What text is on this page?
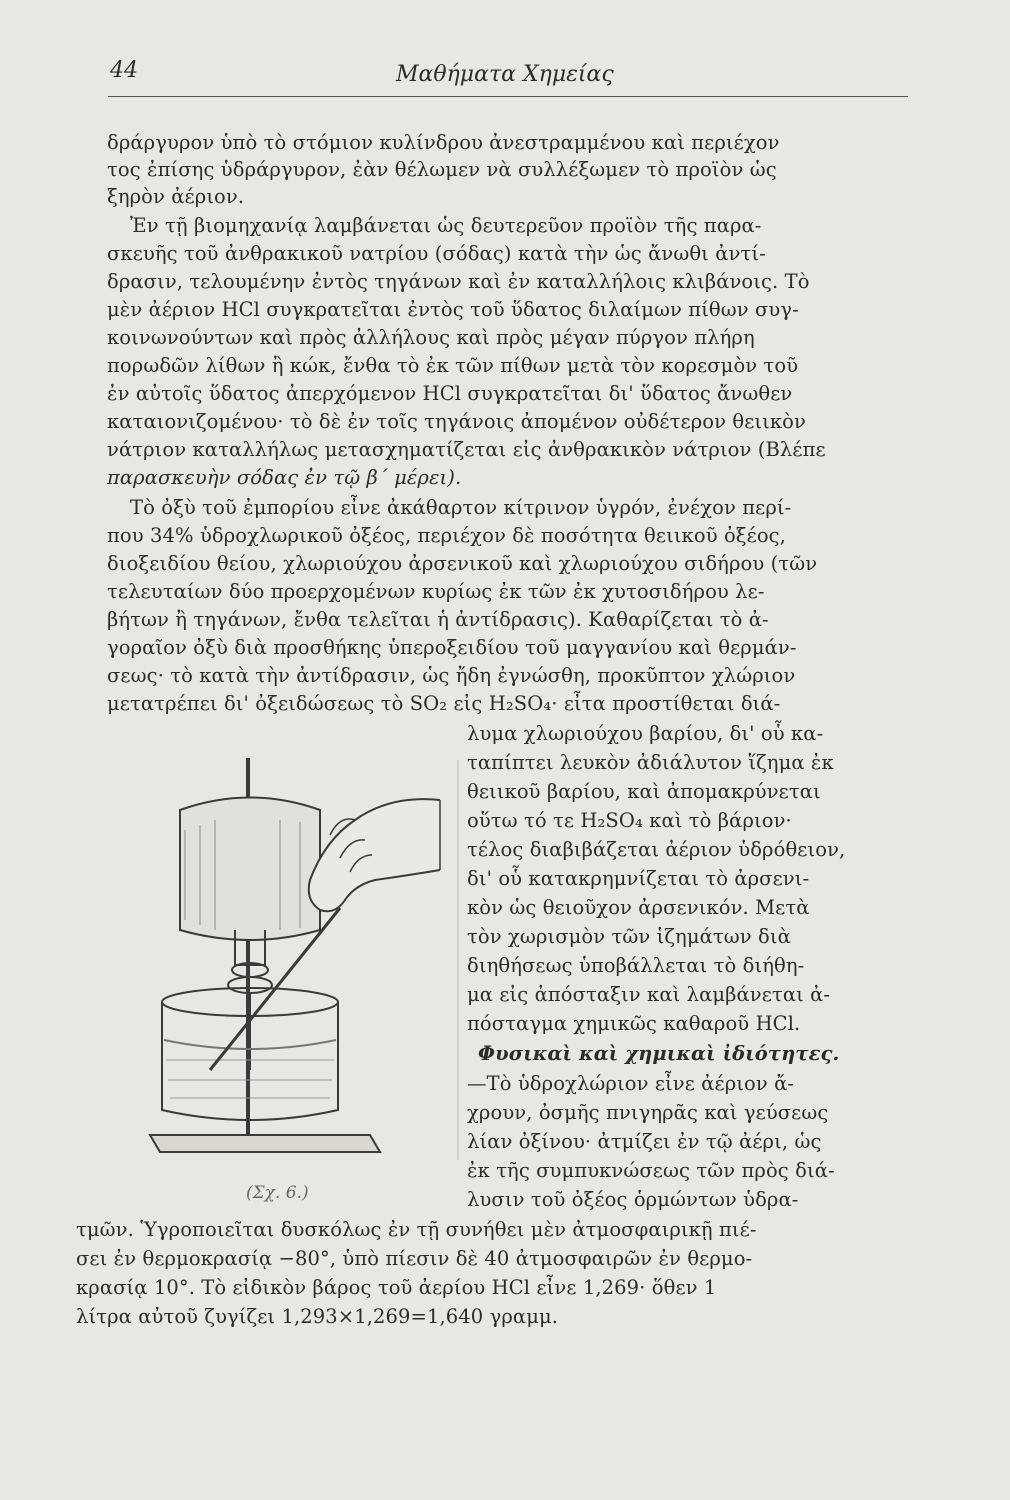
44	Μαθήματα Χημείας
δράργυρον ὑπὸ τὸ στόμιον κυλίνδρου ἀνεστραμμένου καὶ περιέχον
τος ἐπίσης ὑδράργυρον, ἐὰν θέλωμεν νὰ συλλέξωμεν τὸ προϊὸν ὡς
ξηρὸν ἀέριον.
Ἐν τῇ βιομηχανίᾳ λαμβάνεται ὡς δευτερεῦον προϊὸν τῆς παρα-
σκευῆς τοῦ ἀνθρακικοῦ νατρίου (σόδας) κατὰ τὴν ὡς ἄνωθι ἀντί-
δρασιν, τελουμένην ἐντὸς τηγάνων καὶ ἐν καταλλήλοις κλιβάνοις. Τὸ
μὲν ἀέριον HCl συγκρατεῖται ἐντὸς τοῦ ὕδατος διλαίμων πίθων συγ-
κοινωνούντων καὶ πρὸς ἀλλήλους καὶ πρὸς μέγαν πύργον πλήρη
πορωδῶν λίθων ἢ κώκ, ἔνθα τὸ ἐκ τῶν πίθων μετὰ τὸν κορεσμὸν τοῦ
ἐν αὐτοῖς ὕδατος ἀπερχόμενον HCl συγκρατεῖται δι' ὕδατος ἄνωθεν
καταιονιζομένου· τὸ δὲ ἐν τοῖς τηγάνοις ἀπομένον οὐδέτερον θειικὸν
νάτριον καταλλήλως μετασχηματίζεται εἰς ἀνθρακικὸν νάτριον (Βλέπε
παρασκευὴν σόδας ἐν τῷ β΄ μέρει).
Τὸ ὀξὺ τοῦ ἐμπορίου εἶνε ἀκάθαρτον κίτρινον ὑγρόν, ἐνέχον περί-
που 34% ὑδροχλωρικοῦ ὀξέος, περιέχον δὲ ποσότητα θειικοῦ ὀξέος,
διοξειδίου θείου, χλωριούχου ἀρσενικοῦ καὶ χλωριούχου σιδήρου (τῶν
τελευταίων δύο προερχομένων κυρίως ἐκ τῶν ἐκ χυτοσιδήρου λε-
βήτων ἢ τηγάνων, ἔνθα τελεῖται ἡ ἀντίδρασις). Καθαρίζεται τὸ ἀ-
γοραῖον ὀξὺ διὰ προσθήκης ὑπεροξειδίου τοῦ μαγγανίου καὶ θερμάν-
σεως· τὸ κατὰ τὴν ἀντίδρασιν, ὡς ἤδη ἐγνώσθη, προκῦπτον χλώριον
μετατρέπει δι' ὀξειδώσεως τὸ SO₂ εἰς H₂SO₄· εἶτα προστίθεται διά-
λυμα χλωριούχου βαρίου, δι' οὗ κα-
ταπίπτει λευκὸν ἀδιάλυτον ἵζημα ἐκ
θειικοῦ βαρίου, καὶ ἀπομακρύνεται
οὕτω τό τε H₂SO₄ καὶ τὸ βάριον·
τέλος διαβιβάζεται ἀέριον ὑδρόθειον,
δι' οὗ κατακρημνίζεται τὸ ἀρσενι-
κὸν ὡς θειοῦχον ἀρσενικόν. Μετὰ
τὸν χωρισμὸν τῶν ἱζημάτων διὰ
διηθήσεως ὑποβάλλεται τὸ διήθη-
μα εἰς ἀπόσταξιν καὶ λαμβάνεται ἀ-
πόσταγμα χημικῶς καθαροῦ HCl.
Φυσικαὶ καὶ χημικαὶ ἰδιότητες.
—Τὸ ὑδροχλώριον εἶνε ἀέριον ἄ-
χρουν, ὀσμῆς πνιγηρᾶς καὶ γεύσεως
λίαν ὀξίνου· ἀτμίζει ἐν τῷ ἀέρι, ὡς
ἐκ τῆς συμπυκνώσεως τῶν πρὸς διά-
λυσιν τοῦ ὀξέος ὁρμώντων ὑδρα-
τμῶν. Ὑγροποιεῖται δυσκόλως ἐν τῇ συνήθει μὲν ἀτμοσφαιρικῇ πιέ-
σει ἐν θερμοκρασίᾳ −80°, ὑπὸ πίεσιν δὲ 40 ἀτμοσφαιρῶν ἐν θερμο-
κρασίᾳ 10°. Τὸ εἰδικὸν βάρος τοῦ ἀερίου HCl εἶνε 1,269· ὅθεν 1
λίτρα αὐτοῦ ζυγίζει 1,293×1,269=1,640 γραμμ.
(Σχ. 6.)
